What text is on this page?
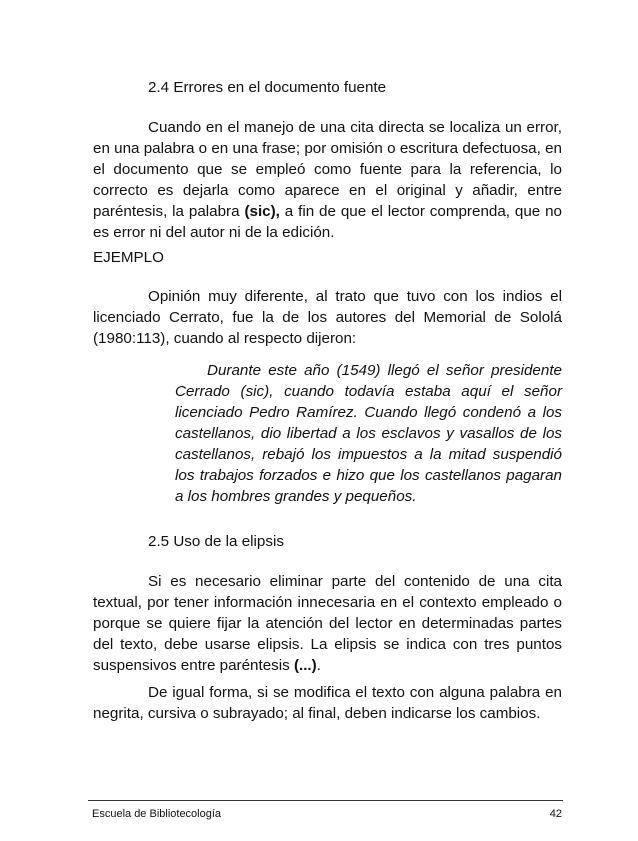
2.4 Errores en el documento fuente

Cuando en el manejo de una cita directa se localiza un error, en una palabra o en una frase; por omisión o escritura defectuosa, en el documento que se empleó como fuente para la referencia, lo correcto es dejarla como aparece en el original y añadir, entre paréntesis, la palabra (sic), a fin de que el lector comprenda, que no es error ni del autor ni de la edición.

EJEMPLO

Opinión muy diferente, al trato que tuvo con los indios el licenciado Cerrato, fue la de los autores del Memorial de Sololá (1980:113), cuando al respecto dijeron:

Durante este año (1549) llegó el señor presidente Cerrado (sic), cuando todavía estaba aquí el señor licenciado Pedro Ramírez. Cuando llegó condenó a los castellanos, dio libertad a los esclavos y vasallos de los castellanos, rebajó los impuestos a la mitad suspendió los trabajos forzados e hizo que los castellanos pagaran a los hombres grandes y pequeños.

2.5 Uso de la elipsis

Si es necesario eliminar parte del contenido de una cita textual, por tener información innecesaria en el contexto empleado o porque se quiere fijar la atención del lector en determinadas partes del texto, debe usarse elipsis. La elipsis se indica con tres puntos suspensivos entre paréntesis (...).

De igual forma, si se modifica el texto con alguna palabra en negrita, cursiva o subrayado; al final, deben indicarse los cambios.

Escuela de Bibliotecología	42
